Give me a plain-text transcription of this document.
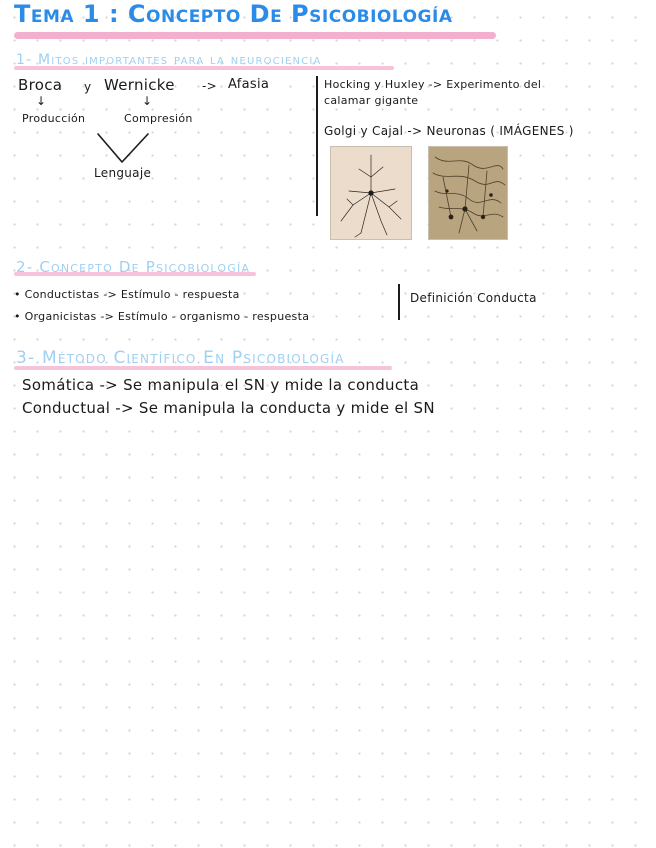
Tema 1 : Concepto De Psicobiología
1- Mitos importantes para la neurociencia
Broca y Wernicke -> Afasia
↓	↓
Producción	Compresión
Lenguaje
Hocking y Huxley -> Experimento del
calamar gigante
Golgi y Cajal -> Neuronas ( IMÁGENES )
2- Concepto De Psicobiología
• Conductistas -> Estímulo - respuesta
• Organicistas -> Estímulo - organismo - respuesta
Definición Conducta
3- Método Científico En Psicobiología
Somática -> Se manipula el SN y mide la conducta
Conductual -> Se manipula la conducta y mide el SN
